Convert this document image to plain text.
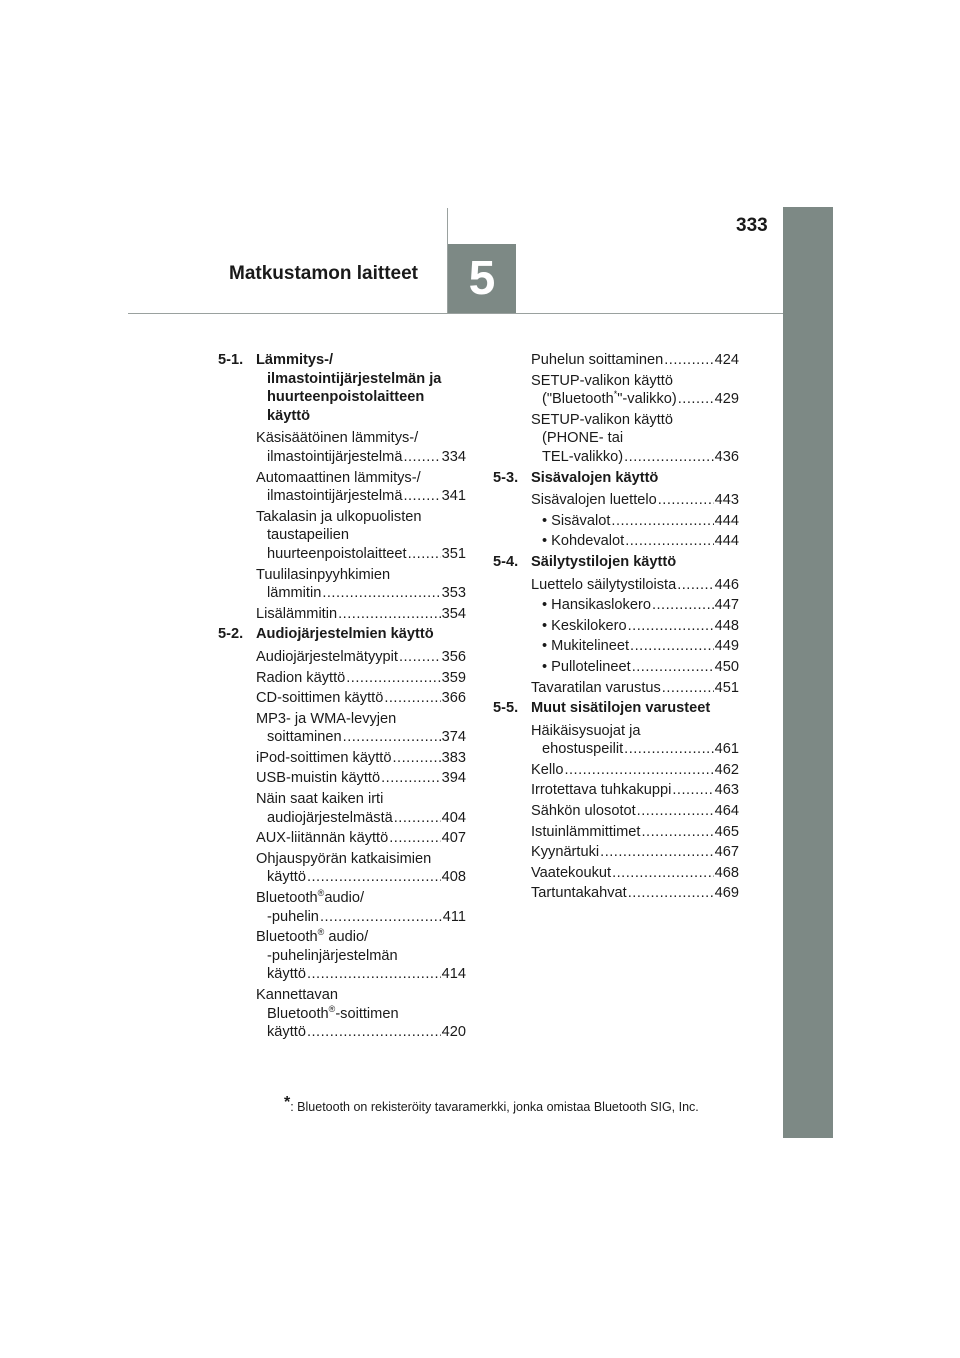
5
Matkustamon laitteet
333
5-1. Lämmitys-/
ilmastointijärjestelmän ja
huurteenpoistolaitteen
käyttö
Käsisäätöinen lämmitys-/
ilmastointijärjestelmä .....	334
Automaattinen lämmitys-/
ilmastointijärjestelmä .....	341
Takalasin ja ulkopuolisten
taustapeilien
huurteenpoistolaitteet ..... 351
Tuulilasinpyyhkimien
lämmitin .....	353
Lisälämmitin .....	354
5-2. Audiojärjestelmien käyttö
Audiojärjestelmätyypit .....	356
Radion käyttö .....	359
CD-soittimen käyttö .....	366
MP3- ja WMA-levyjen
soittaminen .....	374
iPod-soittimen käyttö .....	383
USB-muistin käyttö .....	394
Näin saat kaiken irti
audiojärjestelmästä .....	404
AUX-liitännän käyttö .....	407
Ohjauspyörän katkaisimien
käyttö .....	408
Bluetooth®audio/
-puhelin .....	411
Bluetooth® audio/
-puhelinjärjestelmän
käyttö .....	414
Kannettavan
Bluetooth®-soittimen
käyttö .....	420
Puhelun soittaminen .....	424
SETUP-valikon käyttö
("Bluetooth*"-valikko) .....	429
SETUP-valikon käyttö
(PHONE- tai
TEL-valikko) .....	436
5-3. Sisävalojen käyttö
Sisävalojen luettelo .....	443
• Sisävalot .....	444
• Kohdevalot .....	444
5-4. Säilytystilojen käyttö
Luettelo säilytystiloista .....	446
• Hansikaslokero .....	447
• Keskilokero .....	448
• Mukitelineet .....	449
• Pullotelineet .....	450
Tavaratilan varustus .....	451
5-5. Muut sisätilojen varusteet
Häikäisysuojat ja
ehostuspeilit .....	461
Kello .....	462
Irrotettava tuhkakuppi .....	463
Sähkön ulosotot .....	464
Istuinlämmittimet .....	465
Kyynärtuki .....	467
Vaatekoukut .....	468
Tartuntakahvat .....	469
*: Bluetooth on rekisteröity tavaramerkki, jonka omistaa Bluetooth SIG, Inc.
